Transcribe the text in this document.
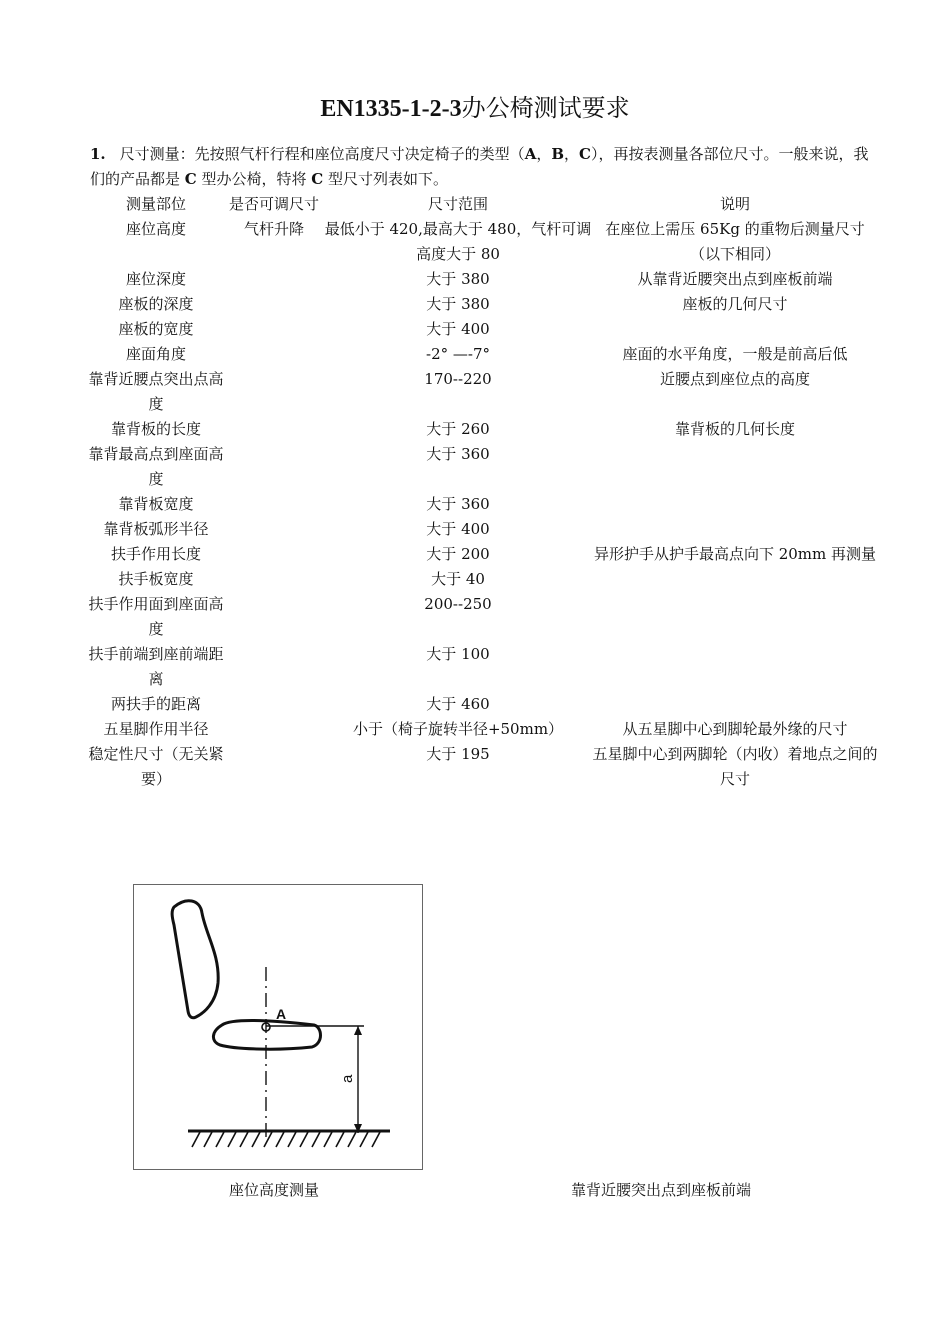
EN1335-1-2-3办公椅测试要求
1. 尺寸测量：先按照气杆行程和座位高度尺寸决定椅子的类型（A，B，C），再按表测量各部位尺寸。一般来说，我们的产品都是 C 型办公椅，特将 C 型尺寸列表如下。
测量部位	是否可调尺寸	尺寸范围	说明
座位高度	气杆升降	最低小于 420,最高大于 480，气杆可调高度大于 80	在座位上需压 65Kg 的重物后测量尺寸（以下相同）
座位深度		大于 380	从靠背近腰突出点到座板前端
座板的深度		大于 380	座板的几何尺寸
座板的宽度		大于 400	
座面角度		-2° —-7°	座面的水平角度，一般是前高后低
靠背近腰点突出点高度		170--220	近腰点到座位点的高度
靠背板的长度		大于 260	靠背板的几何长度
靠背最高点到座面高度		大于 360	
靠背板宽度		大于 360	
靠背板弧形半径		大于 400	
扶手作用长度		大于 200	异形护手从护手最高点向下 20mm 再测量
扶手板宽度		大于 40	
扶手作用面到座面高度		200--250	
扶手前端到座前端距离		大于 100	
两扶手的距离		大于 460	
五星脚作用半径		小于（椅子旋转半径+50mm）	从五星脚中心到脚轮最外缘的尺寸
稳定性尺寸（无关紧要）		大于 195	五星脚中心到两脚轮（内收）着地点之间的尺寸
A
a
座位高度测量	靠背近腰突出点到座板前端
